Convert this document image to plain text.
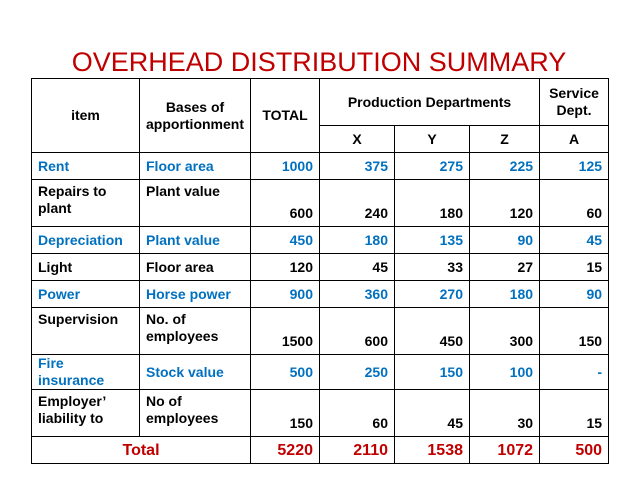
OVERHEAD DISTRIBUTION SUMMARY
item	Bases of apportionment	TOTAL	Production Departments			Service Dept.
			X	Y	Z	A
Rent	Floor area	1000	375	275	225	125
Repairs to plant	Plant value	600	240	180	120	60
Depreciation	Plant value	450	180	135	90	45
Light	Floor area	120	45	33	27	15
Power	Horse power	900	360	270	180	90
Supervision	No. of employees	1500	600	450	300	150
Fire insurance	Stock value	500	250	150	100	-
Employer’ liability to	No of employees	150	60	45	30	15
Total		5220	2110	1538	1072	500
